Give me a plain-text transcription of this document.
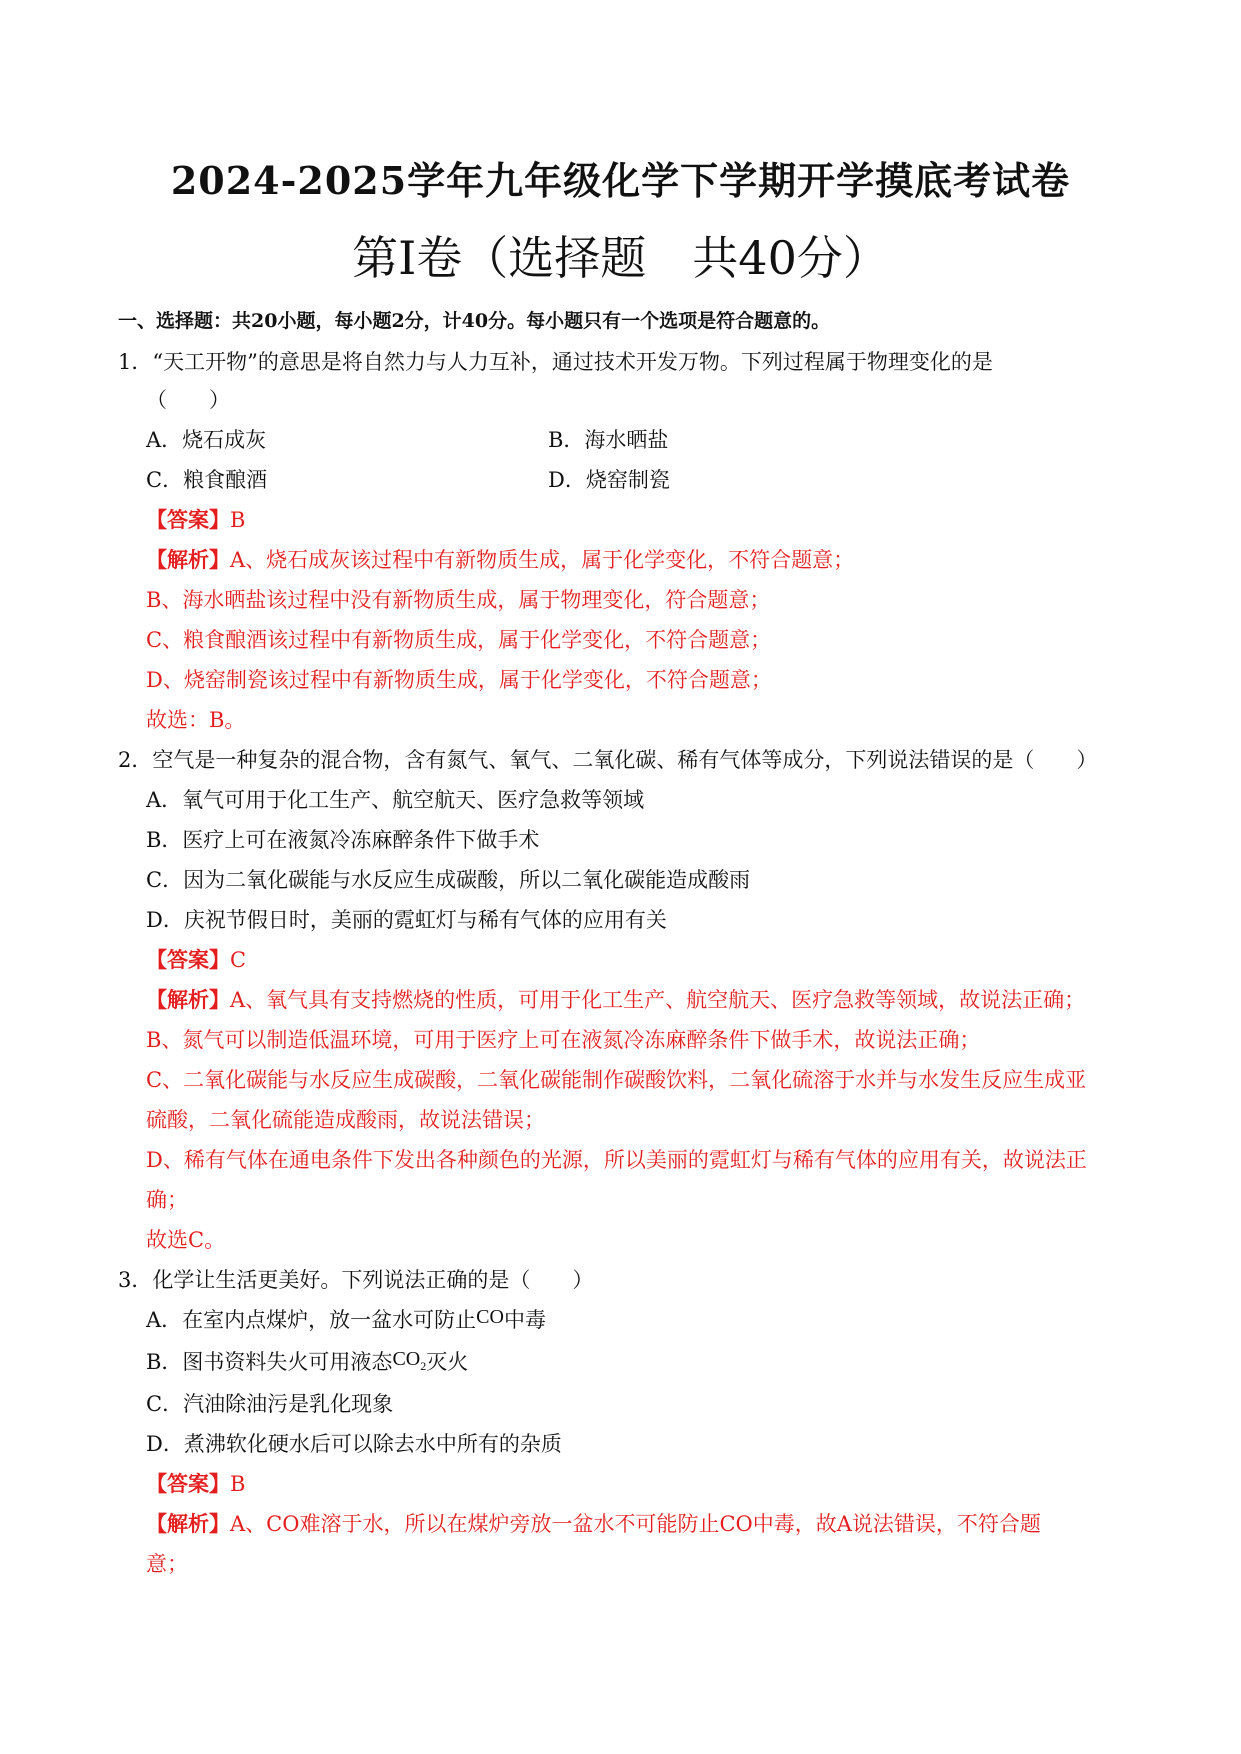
2024-2025学年九年级化学下学期开学摸底考试卷
第Ⅰ卷（选择题　共40分）
一、选择题：共20小题，每小题2分，计40分。每小题只有一个选项是符合题意的。
1．“天工开物”的意思是将自然力与人力互补，通过技术开发万物。下列过程属于物理变化的是
（　　）
A．烧石成灰	B．海水晒盐
C．粮食酿酒	D．烧窑制瓷
【答案】B
【解析】A、烧石成灰该过程中有新物质生成，属于化学变化，不符合题意；
B、海水晒盐该过程中没有新物质生成，属于物理变化，符合题意；
C、粮食酿酒该过程中有新物质生成，属于化学变化，不符合题意；
D、烧窑制瓷该过程中有新物质生成，属于化学变化，不符合题意；
故选：B。
2．空气是一种复杂的混合物，含有氮气、氧气、二氧化碳、稀有气体等成分，下列说法错误的是（　　）
A．氧气可用于化工生产、航空航天、医疗急救等领域
B．医疗上可在液氮冷冻麻醉条件下做手术
C．因为二氧化碳能与水反应生成碳酸，所以二氧化碳能造成酸雨
D．庆祝节假日时，美丽的霓虹灯与稀有气体的应用有关
【答案】C
【解析】A、氧气具有支持燃烧的性质，可用于化工生产、航空航天、医疗急救等领域，故说法正确；
B、氮气可以制造低温环境，可用于医疗上可在液氮冷冻麻醉条件下做手术，故说法正确；
C、二氧化碳能与水反应生成碳酸，二氧化碳能制作碳酸饮料，二氧化硫溶于水并与水发生反应生成亚
硫酸，二氧化硫能造成酸雨，故说法错误；
D、稀有气体在通电条件下发出各种颜色的光源，所以美丽的霓虹灯与稀有气体的应用有关，故说法正
确；
故选C。
3．化学让生活更美好。下列说法正确的是（　　）
A．在室内点煤炉，放一盆水可防止CO中毒
B．图书资料失火可用液态$CO_2$灭火
C．汽油除油污是乳化现象
D．煮沸软化硬水后可以除去水中所有的杂质
【答案】B
【解析】A、CO难溶于水，所以在煤炉旁放一盆水不可能防止CO中毒，故A说法错误，不符合题
意；
